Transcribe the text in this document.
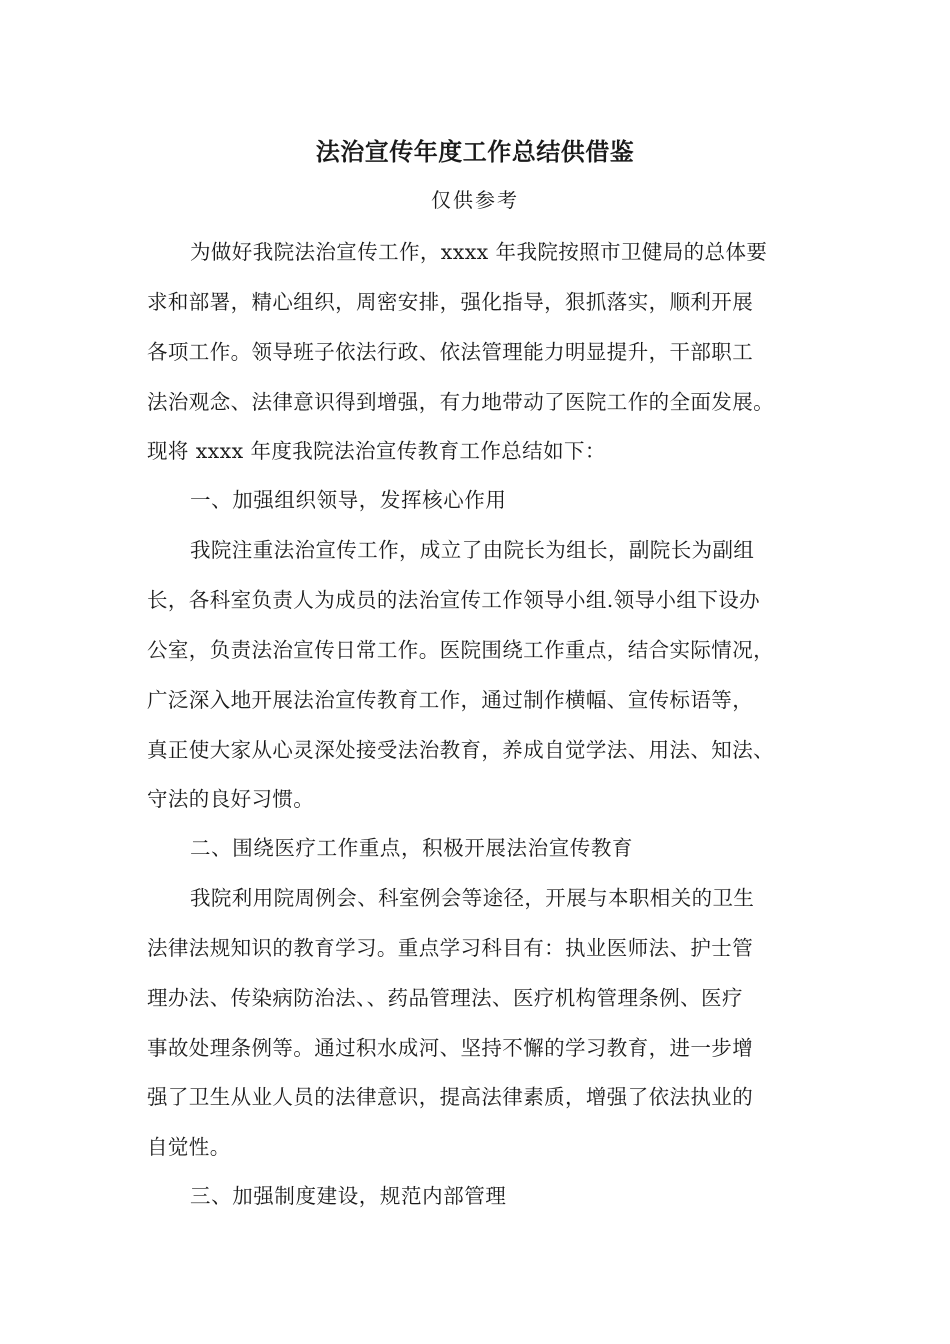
法治宣传年度工作总结供借鉴
仅供参考
为做好我院法治宣传工作，xxxx 年我院按照市卫健局的总体要
求和部署，精心组织，周密安排，强化指导，狠抓落实，顺利开展
各项工作。领导班子依法行政、依法管理能力明显提升，干部职工
法治观念、法律意识得到增强，有力地带动了医院工作的全面发展。
现将 xxxx 年度我院法治宣传教育工作总结如下：
一、加强组织领导，发挥核心作用
我院注重法治宣传工作，成立了由院长为组长，副院长为副组
长，各科室负责人为成员的法治宣传工作领导小组.领导小组下设办
公室，负责法治宣传日常工作。医院围绕工作重点，结合实际情况，
广泛深入地开展法治宣传教育工作，通过制作横幅、宣传标语等，
真正使大家从心灵深处接受法治教育，养成自觉学法、用法、知法、
守法的良好习惯。
二、围绕医疗工作重点，积极开展法治宣传教育
我院利用院周例会、科室例会等途径，开展与本职相关的卫生
法律法规知识的教育学习。重点学习科目有：执业医师法、护士管
理办法、传染病防治法、、药品管理法、医疗机构管理条例、医疗
事故处理条例等。通过积水成河、坚持不懈的学习教育，进一步增
强了卫生从业人员的法律意识，提高法律素质，增强了依法执业的
自觉性。
三、加强制度建设，规范内部管理
